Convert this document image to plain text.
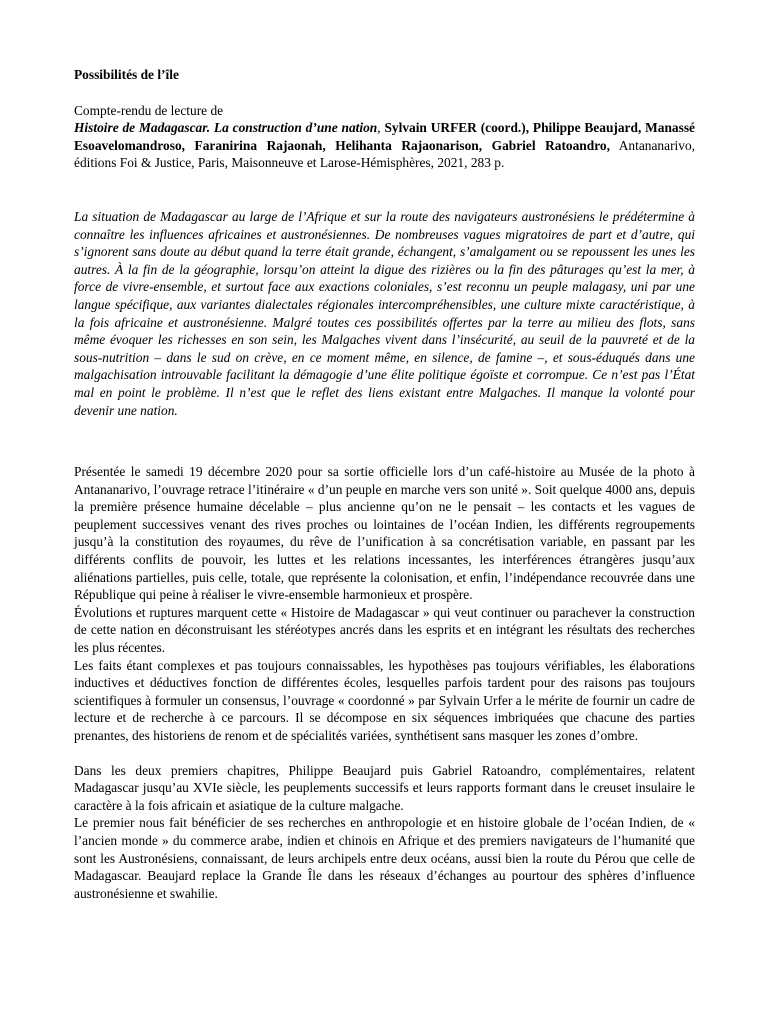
Possibilités de l’île
Compte-rendu de lecture de
Histoire de Madagascar. La construction d’une nation, Sylvain URFER (coord.), Philippe Beaujard, Manassé Esoavelomandroso, Faranirina Rajaonah, Helihanta Rajaonarison, Gabriel Ratoandro, Antananarivo, éditions Foi & Justice, Paris, Maisonneuve et Larose-Hémisphères, 2021, 283 p.
La situation de Madagascar au large de l’Afrique et sur la route des navigateurs austronésiens le prédétermine à connaître les influences africaines et austronésiennes. De nombreuses vagues migratoires de part et d’autre, qui s’ignorent sans doute au début quand la terre était grande, échangent, s’amalgament ou se repoussent les unes les autres. À la fin de la géographie, lorsqu’on atteint la digue des rizières ou la fin des pâturages qu’est la mer, à force de vivre-ensemble, et surtout face aux exactions coloniales, s’est reconnu un peuple malagasy, uni par une langue spécifique, aux variantes dialectales régionales intercompréhensibles, une culture mixte caractéristique, à la fois africaine et austronésienne. Malgré toutes ces possibilités offertes par la terre au milieu des flots, sans même évoquer les richesses en son sein, les Malgaches vivent dans l’insécurité, au seuil de la pauvreté et de la sous-nutrition – dans le sud on crève, en ce moment même, en silence, de famine –, et sous-éduqués dans une malgachisation introuvable facilitant la démagogie d’une élite politique égoïste et corrompue. Ce n’est pas l’État mal en point le problème. Il n’est que le reflet des liens existant entre Malgaches. Il manque la volonté pour devenir une nation.

Présentée le samedi 19 décembre 2020 pour sa sortie officielle lors d’un café-histoire au Musée de la photo à Antananarivo, l’ouvrage retrace l’itinéraire « d’un peuple en marche vers son unité ». Soit quelque 4000 ans, depuis la première présence humaine décelable – plus ancienne qu’on ne le pensait – les contacts et les vagues de peuplement successives venant des rives proches ou lointaines de l’océan Indien, les différents regroupements jusqu’à la constitution des royaumes, du rêve de l’unification à sa concrétisation variable, en passant par les différents conflits de pouvoir, les luttes et les relations incessantes, les interférences étrangères jusqu’aux aliénations partielles, puis celle, totale, que représente la colonisation, et enfin, l’indépendance recouvrée dans une République qui peine à réaliser le vivre-ensemble harmonieux et prospère.

Évolutions et ruptures marquent cette « Histoire de Madagascar » qui veut continuer ou parachever la construction de cette nation en déconstruisant les stéréotypes ancrés dans les esprits et en intégrant les résultats des recherches les plus récentes.

Les faits étant complexes et pas toujours connaissables, les hypothèses pas toujours vérifiables, les élaborations inductives et déductives fonction de différentes écoles, lesquelles parfois tardent pour des raisons pas toujours scientifiques à formuler un consensus, l’ouvrage « coordonné » par Sylvain Urfer a le mérite de fournir un cadre de lecture et de recherche à ce parcours. Il se décompose en six séquences imbriquées que chacune des parties prenantes, des historiens de renom et de spécialités variées, synthétisent sans masquer les zones d’ombre.

Dans les deux premiers chapitres, Philippe Beaujard puis Gabriel Ratoandro, complémentaires, relatent Madagascar jusqu’au XVIe siècle, les peuplements successifs et leurs rapports formant dans le creuset insulaire le caractère à la fois africain et asiatique de la culture malgache.

Le premier nous fait bénéficier de ses recherches en anthropologie et en histoire globale de l’océan Indien, de « l’ancien monde » du commerce arabe, indien et chinois en Afrique et des premiers navigateurs de l’humanité que sont les Austronésiens, connaissant, de leurs archipels entre deux océans, aussi bien la route du Pérou que celle de Madagascar. Beaujard replace la Grande Île dans les réseaux d’échanges au pourtour des sphères d’influence austronésienne et swahilie.
